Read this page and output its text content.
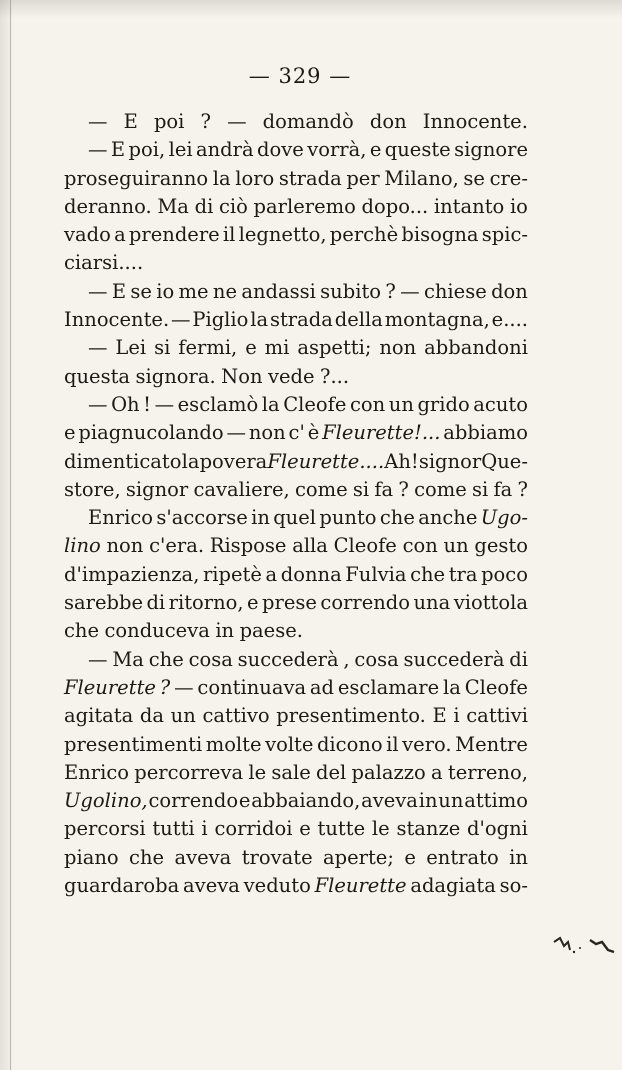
— 329 —
— E poi ? — domandò don Innocente.
— E poi, lei andrà dove vorrà, e queste signore
proseguiranno la loro strada per Milano, se cre-
deranno. Ma di ciò parleremo dopo... intanto io
vado a prendere il legnetto, perchè bisogna spic-
ciarsi....
— E se io me ne andassi subito ? — chiese don
Innocente. — Piglio la strada della montagna, e....
— Lei si fermi, e mi aspetti; non abbandoni
questa signora. Non vede ?...
— Oh ! — esclamò la Cleofe con un grido acuto
e piagnucolando — non c' è Fleurette!... abbiamo
dimenticato la povera Fleurette.... Ah! signor Que-
store, signor cavaliere, come si fa ? come si fa ?
Enrico s'accorse in quel punto che anche Ugo-
lino non c'era. Rispose alla Cleofe con un gesto
d'impazienza, ripetè a donna Fulvia che tra poco
sarebbe di ritorno, e prese correndo una viottola
che conduceva in paese.
— Ma che cosa succederà , cosa succederà di
Fleurette ? — continuava ad esclamare la Cleofe
agitata da un cattivo presentimento. E i cattivi
presentimenti molte volte dicono il vero. Mentre
Enrico percorreva le sale del palazzo a terreno,
Ugolino, correndo e abbaiando, aveva in un attimo
percorsi tutti i corridoi e tutte le stanze d'ogni
piano che aveva trovate aperte; e entrato in
guardaroba aveva veduto Fleurette adagiata so-
